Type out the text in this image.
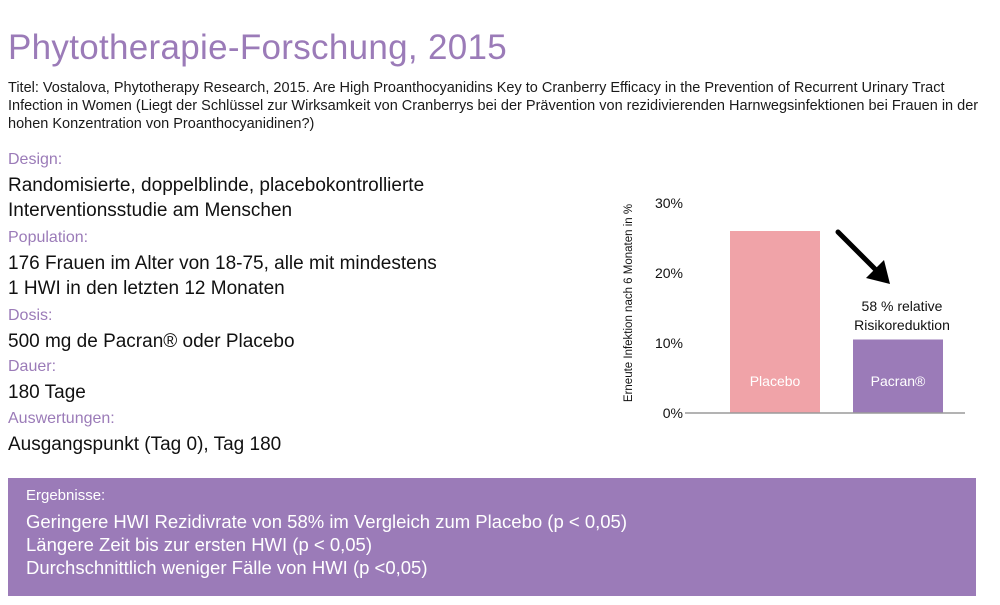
Phytotherapie-Forschung, 2015
Titel: Vostalova, Phytotherapy Research, 2015. Are High Proanthocyanidins Key to Cranberry Efficacy in the Prevention of Recurrent Urinary Tract Infection in Women (Liegt der Schlüssel zur Wirksamkeit von Cranberrys bei der Prävention von rezidivierenden Harnwegsinfektionen bei Frauen in der hohen Konzentration von Proanthocyanidinen?)
Design:
Randomisierte, doppelblinde, placebokontrollierte
Interventionsstudie am Menschen
Population:
176 Frauen im Alter von 18-75, alle mit mindestens
1 HWI in den letzten 12 Monaten
Dosis:
500 mg de Pacran® oder Placebo
Dauer:
180 Tage
Auswertungen:
Ausgangspunkt (Tag 0), Tag 180
Erneute Infektion nach 6 Monaten in %
0%
10%
20%
30%
Placebo	Pacran®
58 % relative
Risikoreduktion
Ergebnisse:
Geringere HWI Rezidivrate von 58% im Vergleich zum Placebo (p < 0,05)
Längere Zeit bis zur ersten HWI (p < 0,05)
Durchschnittlich weniger Fälle von HWI (p <0,05)
